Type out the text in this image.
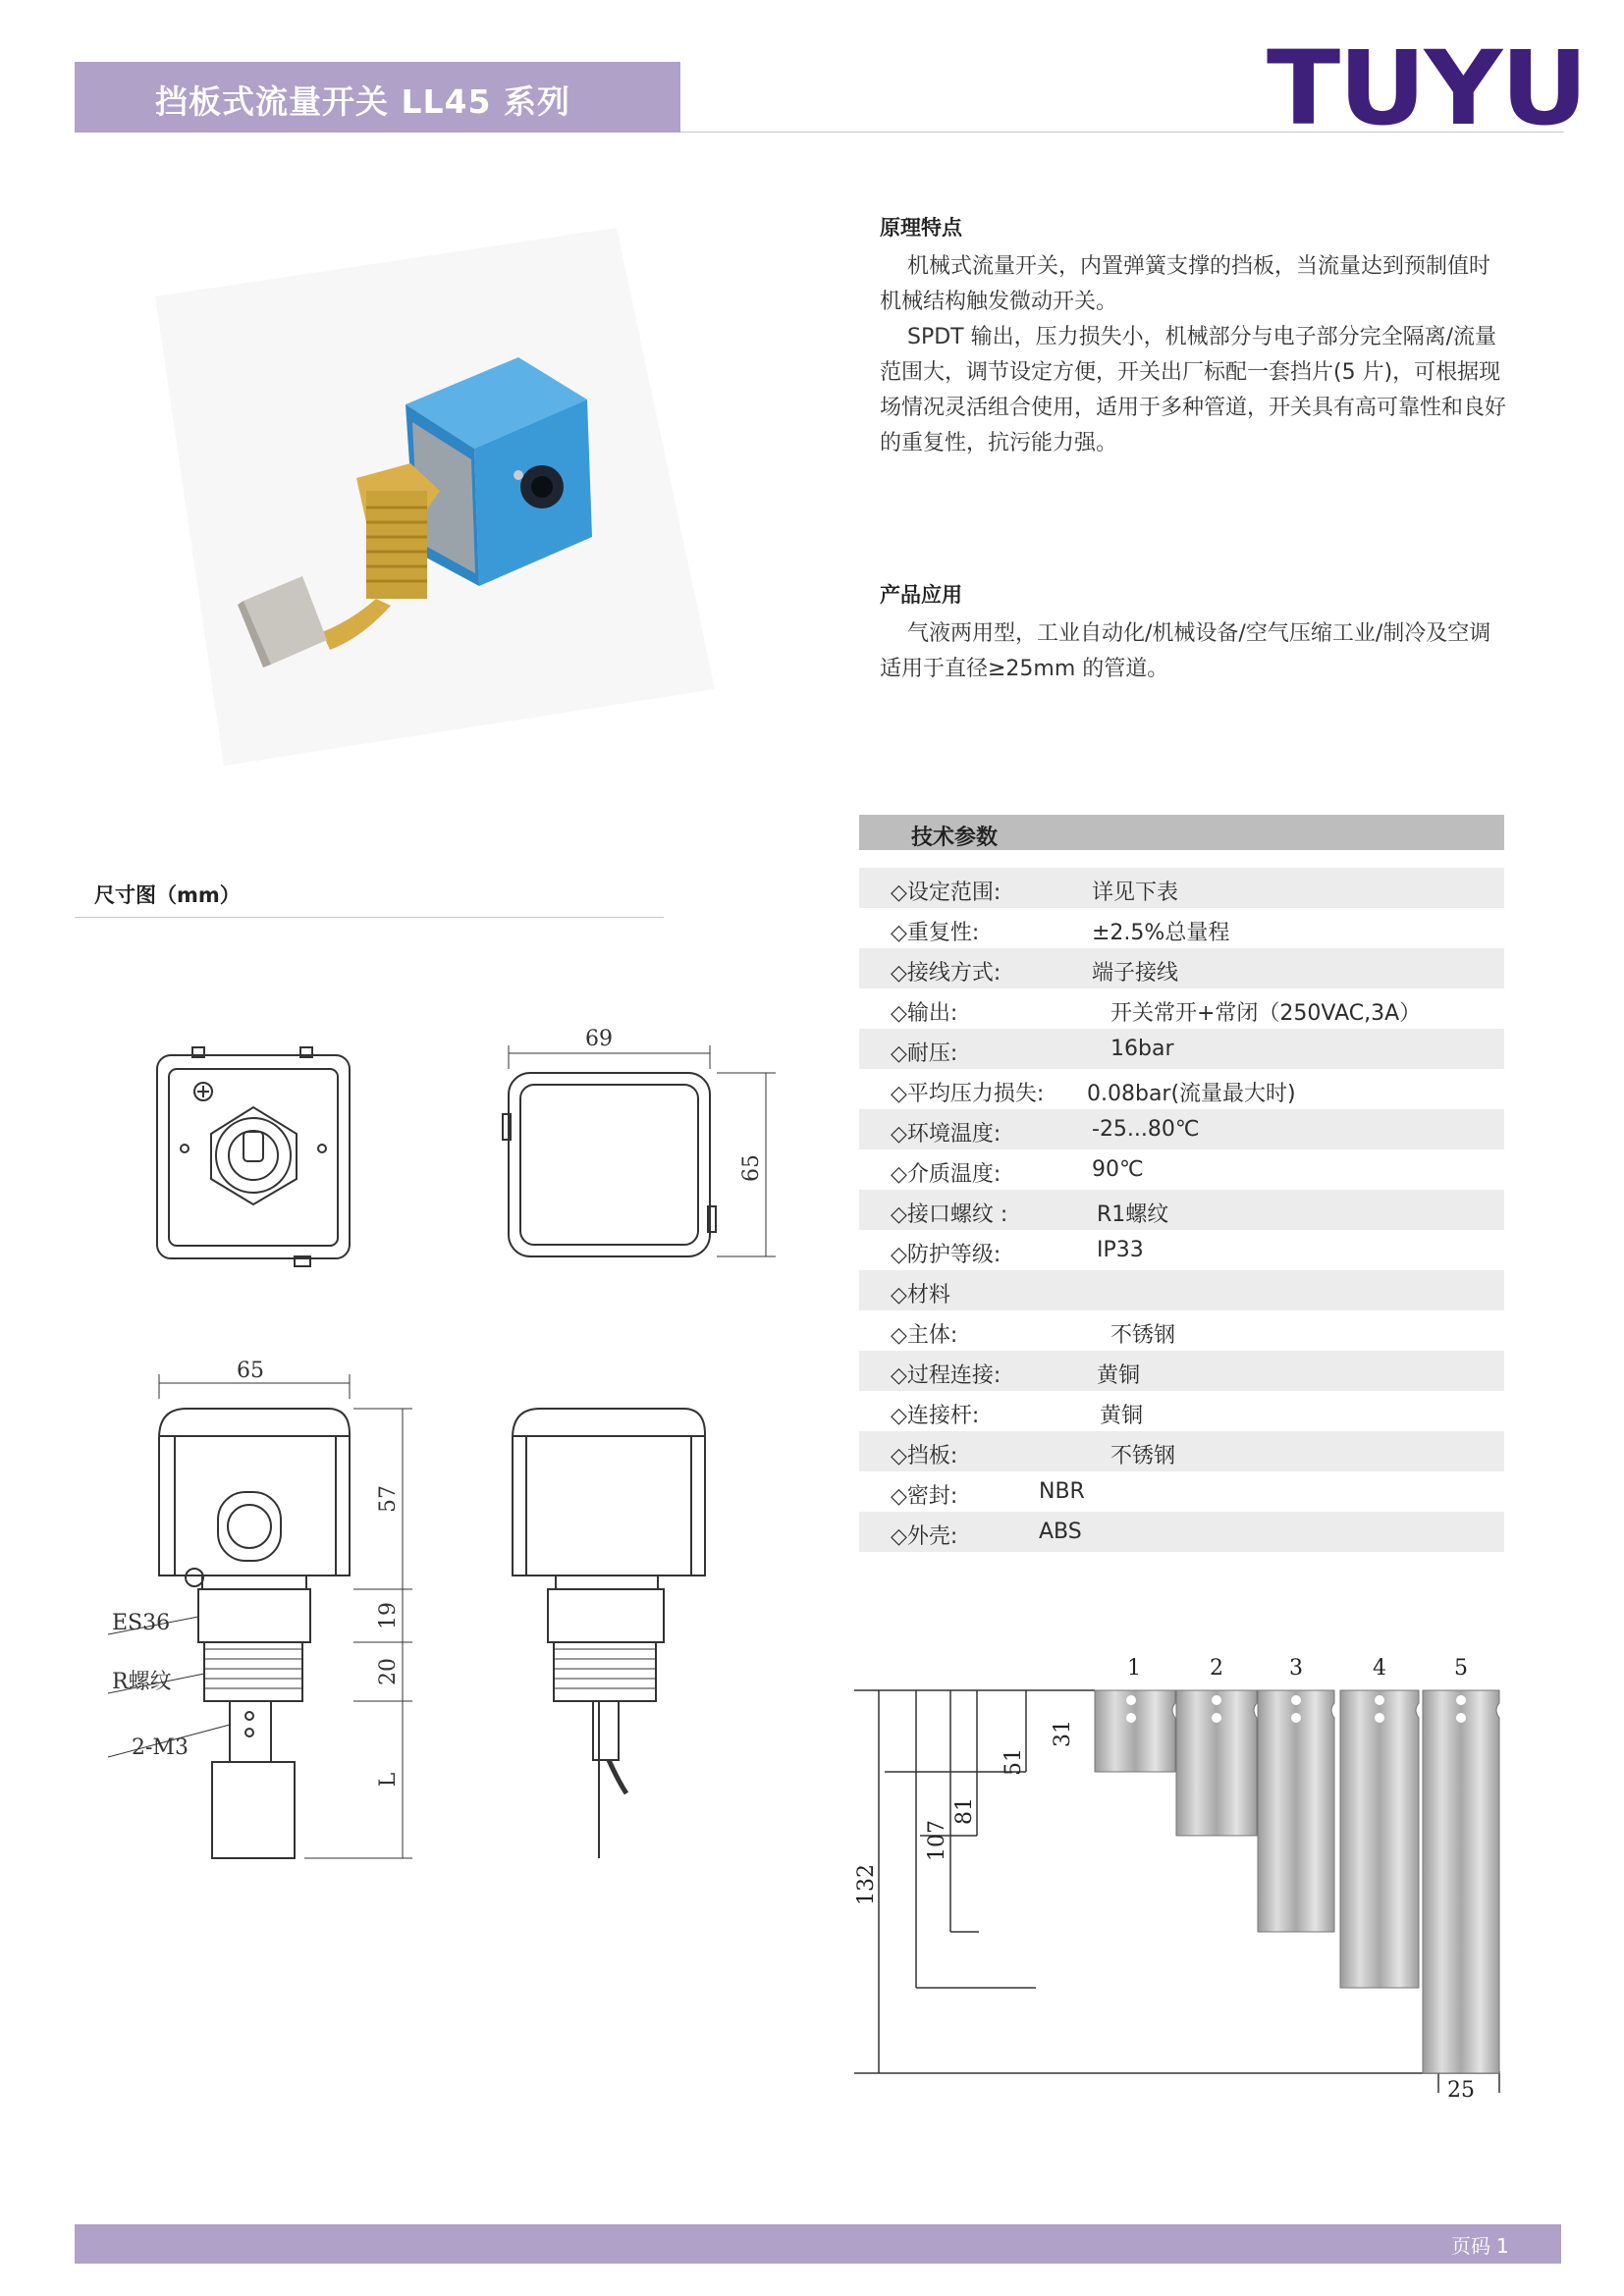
挡板式流量开关 LL45 系列	TUYU
原理特点

机械式流量开关，内置弹簧支撑的挡板，当流量达到预制值时机械结构触发微动开关。

SPDT 输出，压力损失小，机械部分与电子部分完全隔离/流量范围大，调节设定方便，开关出厂标配一套挡片(5 片)，可根据现场情况灵活组合使用，适用于多种管道，开关具有高可靠性和良好的重复性，抗污能力强。

产品应用

气液两用型，工业自动化/机械设备/空气压缩工业/制冷及空调适用于直径≥25mm 的管道。

技术参数
◇设定范围:	详见下表
◇重复性:	±2.5%总量程
◇接线方式:	端子接线
◇输出:	开关常开+常闭（250VAC,3A）
◇耐压:	16bar
◇平均压力损失: 0.08bar(流量最大时)
◇环境温度:	-25...80℃
◇介质温度:	90℃
◇接口螺纹 :	R1螺纹
◇防护等级:	IP33
◇材料
◇主体:	不锈钢
◇过程连接:	黄铜
◇连接杆:	黄铜
◇挡板:	不锈钢
◇密封:	NBR
◇外壳:	ABS
尺寸图（mm）
69
65
65
57
19
20
L
ES36
R螺纹
2-M3
1	2	3	4	5
31
51
81
107
132
25
页码 1
